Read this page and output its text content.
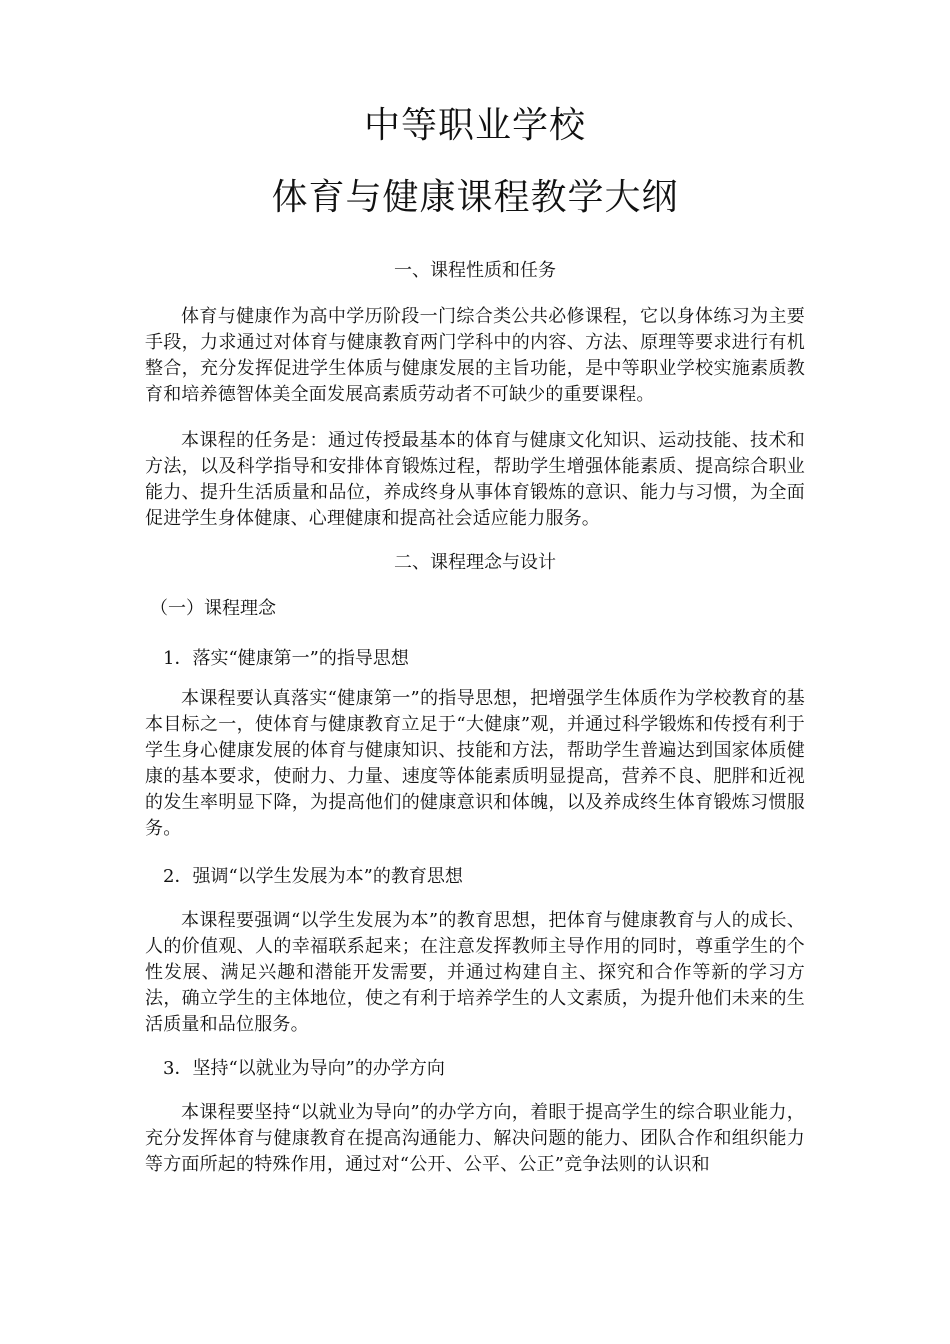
中等职业学校
体育与健康课程教学大纲
一、课程性质和任务

体育与健康作为高中学历阶段一门综合类公共必修课程，它以身体练习为主要手段，力求通过对体育与健康教育两门学科中的内容、方法、原理等要求进行有机整合，充分发挥促进学生体质与健康发展的主旨功能，是中等职业学校实施素质教育和培养德智体美全面发展高素质劳动者不可缺少的重要课程。

本课程的任务是：通过传授最基本的体育与健康文化知识、运动技能、技术和方法，以及科学指导和安排体育锻炼过程，帮助学生增强体能素质、提高综合职业能力、提升生活质量和品位，养成终身从事体育锻炼的意识、能力与习惯，为全面促进学生身体健康、心理健康和提高社会适应能力服务。

二、课程理念与设计
（一）课程理念
1．落实“健康第一”的指导思想

本课程要认真落实“健康第一”的指导思想，把增强学生体质作为学校教育的基本目标之一，使体育与健康教育立足于“大健康”观，并通过科学锻炼和传授有利于学生身心健康发展的体育与健康知识、技能和方法，帮助学生普遍达到国家体质健康的基本要求，使耐力、力量、速度等体能素质明显提高，营养不良、肥胖和近视的发生率明显下降，为提高他们的健康意识和体魄，以及养成终生体育锻炼习惯服务。

2．强调“以学生发展为本”的教育思想

本课程要强调“以学生发展为本”的教育思想，把体育与健康教育与人的成长、人的价值观、人的幸福联系起来；在注意发挥教师主导作用的同时，尊重学生的个性发展、满足兴趣和潜能开发需要，并通过构建自主、探究和合作等新的学习方法，确立学生的主体地位，使之有利于培养学生的人文素质，为提升他们未来的生活质量和品位服务。

3．坚持“以就业为导向”的办学方向

本课程要坚持“以就业为导向”的办学方向，着眼于提高学生的综合职业能力，充分发挥体育与健康教育在提高沟通能力、解决问题的能力、团队合作和组织能力等方面所起的特殊作用，通过对“公开、公平、公正”竞争法则的认识和
